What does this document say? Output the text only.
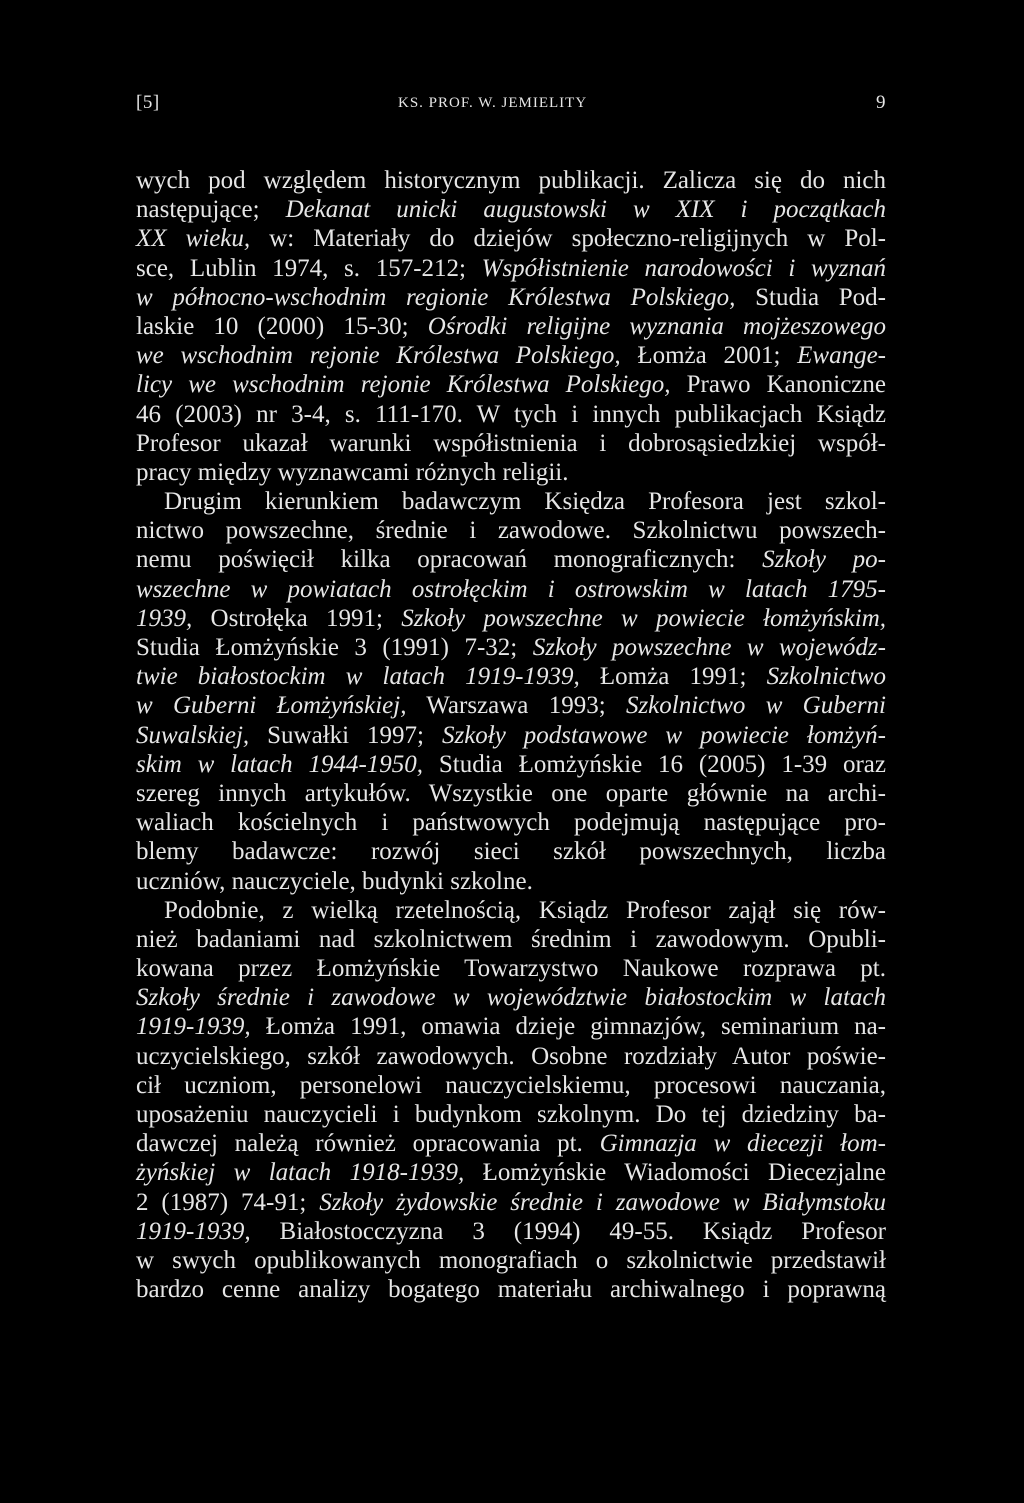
[5]	KS. PROF. W. JEMIELITY	9
wych pod względem historycznym publikacji. Zalicza się do nich
następujące; Dekanat unicki augustowski w XIX i początkach
XX wieku, w: Materiały do dziejów społeczno-religijnych w Pol-
sce, Lublin 1974, s. 157-212; Współistnienie narodowości i wyznań
w północno-wschodnim regionie Królestwa Polskiego, Studia Pod-
laskie 10 (2000) 15-30; Ośrodki religijne wyznania mojżeszowego
we wschodnim rejonie Królestwa Polskiego, Łomża 2001; Ewange-
licy we wschodnim rejonie Królestwa Polskiego, Prawo Kanoniczne
46 (2003) nr 3-4, s. 111-170. W tych i innych publikacjach Ksiądz
Profesor ukazał warunki współistnienia i dobrosąsiedzkiej współ-
pracy między wyznawcami różnych religii.
Drugim kierunkiem badawczym Księdza Profesora jest szkol-
nictwo powszechne, średnie i zawodowe. Szkolnictwu powszech-
nemu poświęcił kilka opracowań monograficznych: Szkoły po-
wszechne w powiatach ostrołęckim i ostrowskim w latach 1795-
1939, Ostrołęka 1991; Szkoły powszechne w powiecie łomżyńskim,
Studia Łomżyńskie 3 (1991) 7-32; Szkoły powszechne w wojewódz-
twie białostockim w latach 1919-1939, Łomża 1991; Szkolnictwo
w Guberni Łomżyńskiej, Warszawa 1993; Szkolnictwo w Guberni
Suwalskiej, Suwałki 1997; Szkoły podstawowe w powiecie łomżyń-
skim w latach 1944-1950, Studia Łomżyńskie 16 (2005) 1-39 oraz
szereg innych artykułów. Wszystkie one oparte głównie na archi-
waliach kościelnych i państwowych podejmują następujące pro-
blemy badawcze: rozwój sieci szkół powszechnych, liczba
uczniów, nauczyciele, budynki szkolne.
Podobnie, z wielką rzetelnością, Ksiądz Profesor zajął się rów-
nież badaniami nad szkolnictwem średnim i zawodowym. Opubli-
kowana przez Łomżyńskie Towarzystwo Naukowe rozprawa pt.
Szkoły średnie i zawodowe w województwie białostockim w latach
1919-1939, Łomża 1991, omawia dzieje gimnazjów, seminarium na-
uczycielskiego, szkół zawodowych. Osobne rozdziały Autor poświe-
cił uczniom, personelowi nauczycielskiemu, procesowi nauczania,
uposażeniu nauczycieli i budynkom szkolnym. Do tej dziedziny ba-
dawczej należą również opracowania pt. Gimnazja w diecezji łom-
żyńskiej w latach 1918-1939, Łomżyńskie Wiadomości Diecezjalne
2 (1987) 74-91; Szkoły żydowskie średnie i zawodowe w Białymstoku
1919-1939, Białostocczyzna 3 (1994) 49-55. Ksiądz Profesor
w swych opublikowanych monografiach o szkolnictwie przedstawił
bardzo cenne analizy bogatego materiału archiwalnego i poprawną
